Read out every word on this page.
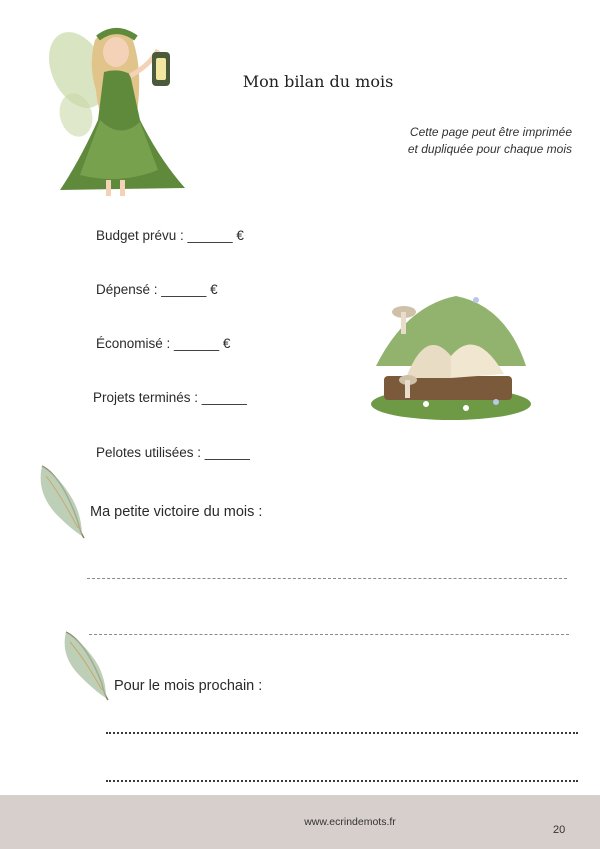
Mon bilan du mois
Cette page peut être imprimée
et dupliquée pour chaque mois
Budget prévu : ______ €
Dépensé : ______ €
Économisé : ______ €
Projets terminés : ______
Pelotes utilisées : ______
Ma petite victoire du mois :
Pour le mois prochain :
www.ecrindemots.fr
20
